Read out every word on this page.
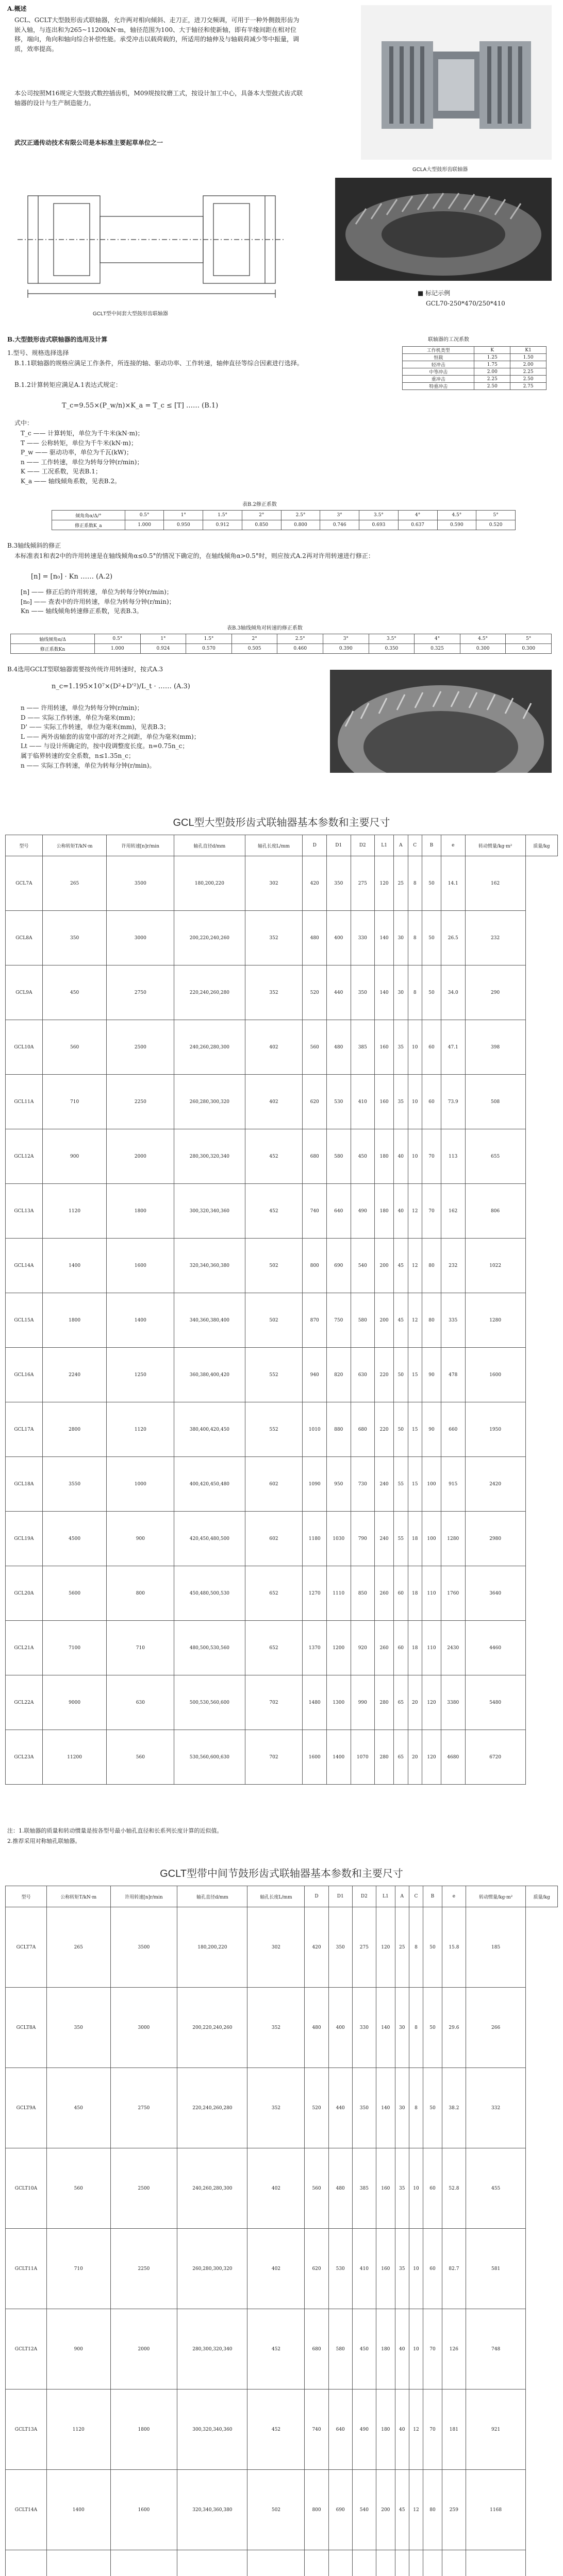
A.概述
GCL、GCLT大型鼓形齿式联轴器，允许两对相向倾斜、走刀正，进刀交频调，可用于一种外侧鼓形齿为嵌入轴，与连出和为265~11200kN·m，轴径范围为100、大于轴径和使新轴，即有半缘间距在相对位移，端向，角向和轴向综合补偿性能。承受冲击以载荷载的，所适用的轴伸及与轴载荷减少等中振量，调质，效率提高。
本公司按照M16规定大型鼓式数控插齿机，M09规按纹磨工式，按设计加工中心，具备本大型鼓式齿式联轴器的设计与生产制造能力。
武汉正通传动技术有限公司是本标准主要起草单位之一
GCLA大型鼓形齿联轴器
GCLT型中间套大型鼓形齿联轴器
■ 标记示例
GCL70-250*470/250*410
B.大型鼓形齿式联轴器的选用及计算
1.型号、规格选择选择
B.1.1联轴器的规格应满足工作条件，所连接的轴、驱动功率、工作转速，轴伸直径等综合因素进行选择。
B.1.2计算转矩应满足A.1表达式规定：
T_c=9.55×(P_w/n)×K_a = T_c ≤ [T] …… (B.1)
式中：
T_c —— 计算转矩，单位为千牛米(kN·m)；
T —— 公称转矩，单位为千牛米(kN·m)；
P_w —— 驱动功率，单位为千瓦(kW)；
n —— 工作转速，单位为转每分钟(r/min)；
K —— 工况系数，见表B.1；
K_a —— 轴线倾角系数，见表B.2。
联轴器的工况系数
工作机类型	K	K1
恒载	1.25	1.50
轻冲击	1.75	2.00
中等冲击	2.00	2.25
重冲击	2.25	2.50
特重冲击	2.50	2.75
表B.2修正系数
倾角角α/Δ/°	0.5°	1°	1.5°	2°	2.5°	3°	3.5°	4°	4.5°	5°
修正系数K_a	1.000	0.950	0.912	0.850	0.800	0.746	0.693	0.637	0.590	0.520
B.3轴线倾斜的修正
本标准表1和表2中的许用转速是在轴线倾角α≤0.5°的情况下确定的，在轴线倾角α>0.5°时，则应按式A.2再对许用转速进行修正：
[n] = [n₀] · Kn …… (A.2)
[n] —— 修正后的许用转速，单位为转每分钟(r/min)；
[n₀] —— 查表中的许用转速，单位为转每分钟(r/min)；
Kn —— 轴线倾角转速修正系数，见表B.3。
表B.3轴线倾角对转速的修正系数
轴线倾角α/Δ	0.5°	1°	1.5°	2°	2.5°	3°	3.5°	4°	4.5°	5°
修正系数Kn	1.000	0.924	0.570	0.505	0.460	0.390	0.350	0.325	0.300	0.300
B.4选用GCLT型联轴器需要按传统许用转速时，按式A.3
n_c=1.195×10⁷×(D²+D'²)/L_t · …… (A.3)
n —— 许用转速，单位为转每分钟(r/min)；
D —— 实际工作转速，单位为毫米(mm)；
D' —— 实际工作转速，单位为毫米(mm)，见表B.3；
L —— 两外齿轴套的齿宽中部的对齐之间距，单位为毫米(mm)；
Lt —— 与设计所确定的，按中段调整度长度。n=0.75n_c；
属于临界转速的安全系数，n≤1.35n_c；
n —— 实际工作转速，单位为转每分钟(r/min)。
GCL型大型鼓形齿式联轴器基本参数和主要尺寸
型号	公称转矩T/kN·m	许用转速[n]r/min	轴孔直径d/mm	轴孔长度L/mm	D	D1	D2	L1	A	C	B	e	转动惯量/kg·m²	质量/kg
GCL7A	265	3500	180,200,220	302	420	350	275	120	25	8	50	14.1	162	
GCL8A	350	3000	200,220,240,260	352	480	400	330	140	30	8	50	26.5	232	
GCL9A	450	2750	220,240,260,280	352	520	440	350	140	30	8	50	34.0	290	
GCL10A	560	2500	240,260,280,300	402	560	480	385	160	35	10	60	47.1	398	
GCL11A	710	2250	260,280,300,320	402	620	530	410	160	35	10	60	73.9	508	
GCL12A	900	2000	280,300,320,340	452	680	580	450	180	40	10	70	113	655	
GCL13A	1120	1800	300,320,340,360	452	740	640	490	180	40	12	70	162	806	
GCL14A	1400	1600	320,340,360,380	502	800	690	540	200	45	12	80	232	1022	
GCL15A	1800	1400	340,360,380,400	502	870	750	580	200	45	12	80	335	1280	
GCL16A	2240	1250	360,380,400,420	552	940	820	630	220	50	15	90	478	1600	
GCL17A	2800	1120	380,400,420,450	552	1010	880	680	220	50	15	90	660	1950	
GCL18A	3550	1000	400,420,450,480	602	1090	950	730	240	55	15	100	915	2420	
GCL19A	4500	900	420,450,480,500	602	1180	1030	790	240	55	18	100	1280	2980	
GCL20A	5600	800	450,480,500,530	652	1270	1110	850	260	60	18	110	1760	3640	
GCL21A	7100	710	480,500,530,560	652	1370	1200	920	260	60	18	110	2430	4460	
GCL22A	9000	630	500,530,560,600	702	1480	1300	990	280	65	20	120	3380	5480	
GCL23A	11200	560	530,560,600,630	702	1600	1400	1070	280	65	20	120	4680	6720	
注：1.联轴器的质量和转动惯量是按各型号最小轴孔直径和长系列长度计算的近似值。
2.推荐采用对称轴孔联轴器。
GCLT型带中间节鼓形齿式联轴器基本参数和主要尺寸
型号	公称转矩T/kN·m	许用转速[n]r/min	轴孔直径d/mm	轴孔长度L/mm	D	D1	D2	L1	A	C	B	e	转动惯量/kg·m²	质量/kg
GCLT7A	265	3500	180,200,220	302	420	350	275	120	25	8	50	15.8	185	
GCLT8A	350	3000	200,220,240,260	352	480	400	330	140	30	8	50	29.6	266	
GCLT9A	450	2750	220,240,260,280	352	520	440	350	140	30	8	50	38.2	332	
GCLT10A	560	2500	240,260,280,300	402	560	480	385	160	35	10	60	52.8	455	
GCLT11A	710	2250	260,280,300,320	402	620	530	410	160	35	10	60	82.7	581	
GCLT12A	900	2000	280,300,320,340	452	680	580	450	180	40	10	70	126	748	
GCLT13A	1120	1800	300,320,340,360	452	740	640	490	180	40	12	70	181	921	
GCLT14A	1400	1600	320,340,360,380	502	800	690	540	200	45	12	80	259	1168	
